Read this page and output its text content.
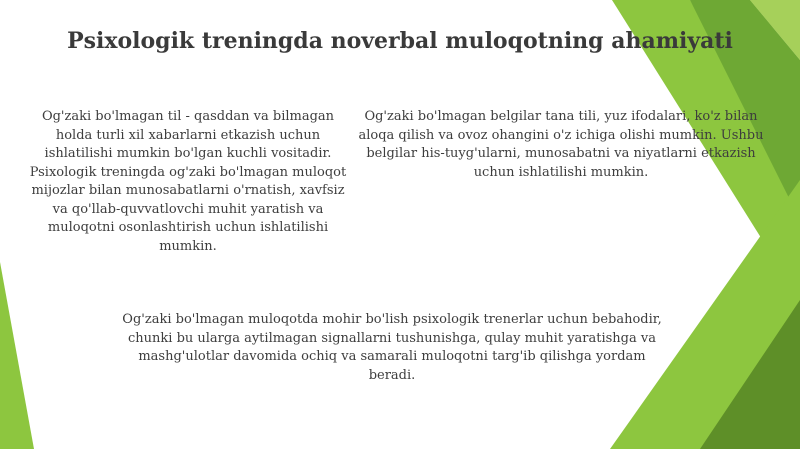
Psixologik treningda noverbal muloqotning ahamiyati

Og'zaki bo'lmagan til - qasddan va bilmagan holda turli xil xabarlarni etkazish uchun ishlatilishi mumkin bo'lgan kuchli vositadir. Psixologik treningda og'zaki bo'lmagan muloqot mijozlar bilan munosabatlarni o'rnatish, xavfsiz va qo'llab-quvvatlovchi muhit yaratish va muloqotni osonlashtirish uchun ishlatilishi mumkin.

Og'zaki bo'lmagan belgilar tana tili, yuz ifodalari, ko'z bilan aloqa qilish va ovoz ohangini o'z ichiga olishi mumkin. Ushbu belgilar his-tuyg'ularni, munosabatni va niyatlarni etkazish uchun ishlatilishi mumkin.

Og'zaki bo'lmagan muloqotda mohir bo'lish psixologik trenerlar uchun bebahodir, chunki bu ularga aytilmagan signallarni tushunishga, qulay muhit yaratishga va mashg'ulotlar davomida ochiq va samarali muloqotni targ'ib qilishga yordam beradi.
